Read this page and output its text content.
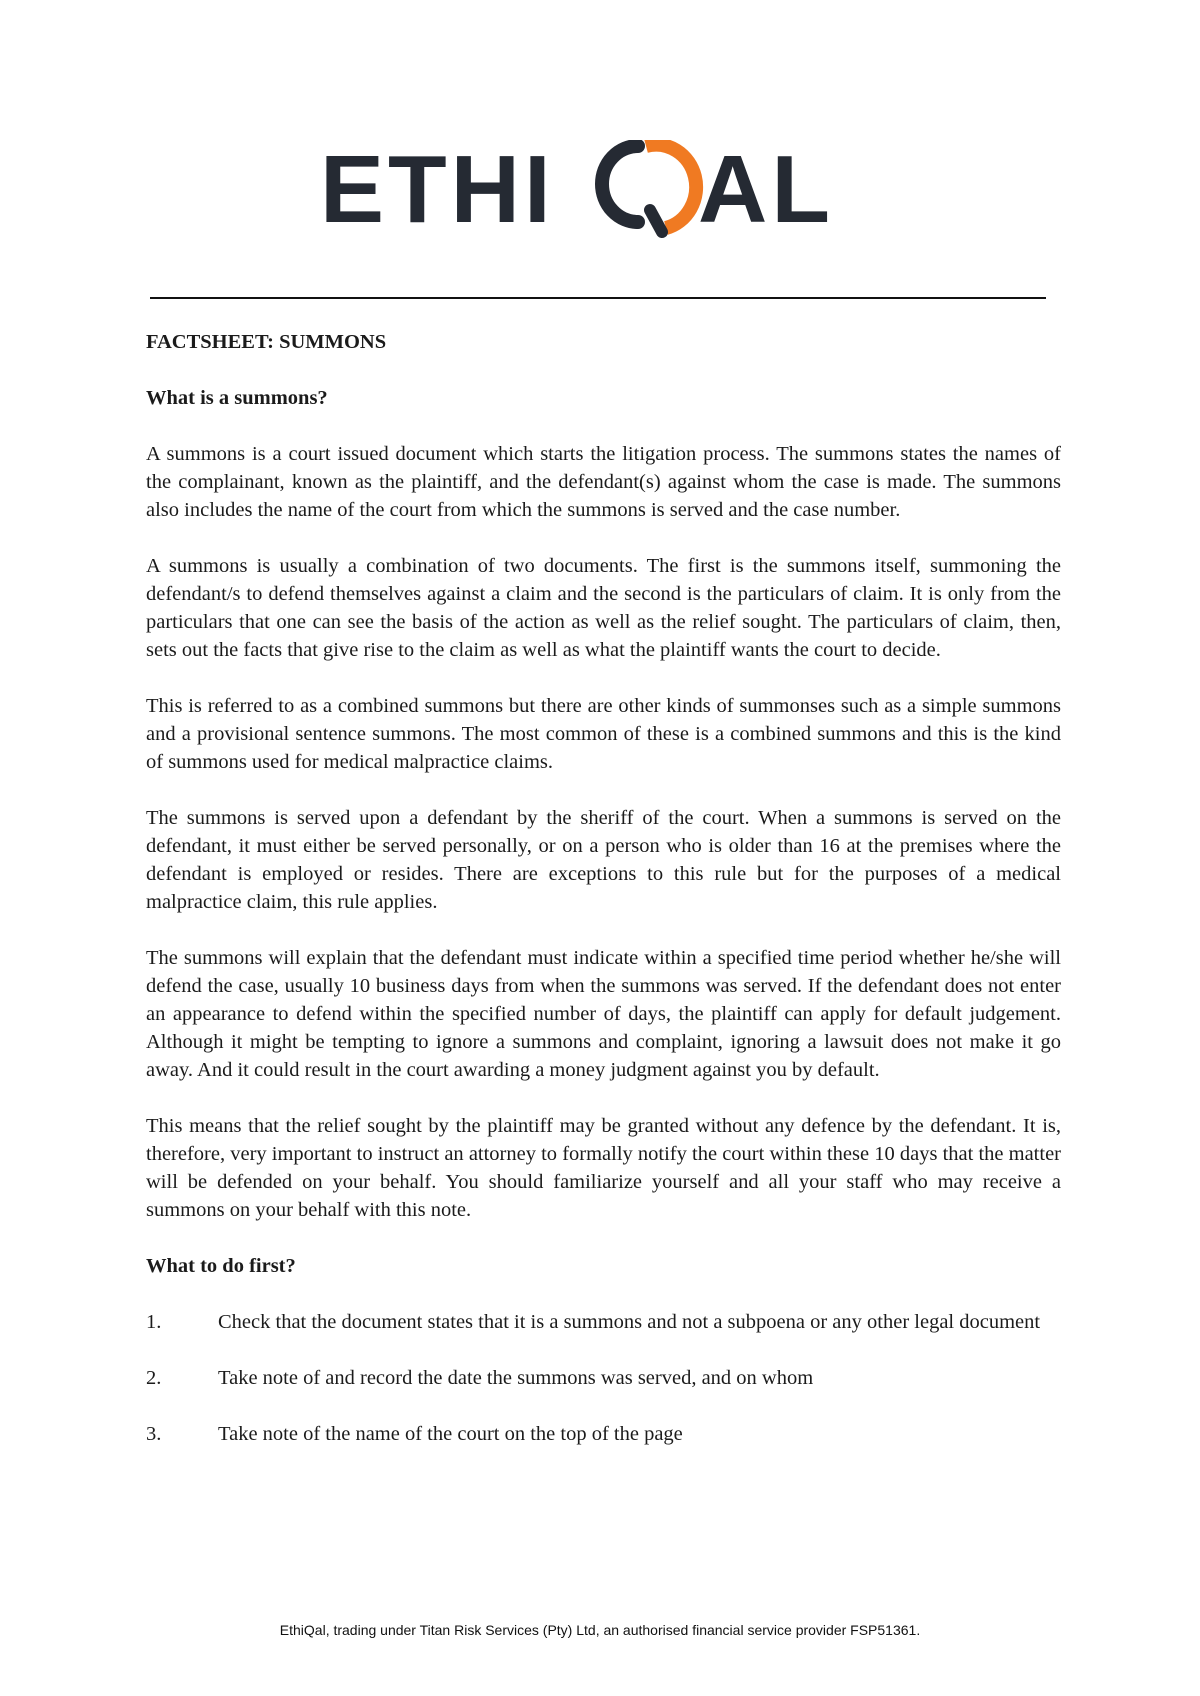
ETHI AL
FACTSHEET: SUMMONS
What is a summons?

A summons is a court issued document which starts the litigation process. The summons states the names of the complainant, known as the plaintiff, and the defendant(s) against whom the case is made. The summons also includes the name of the court from which the summons is served and the case number.

A summons is usually a combination of two documents. The first is the summons itself, summoning the defendant/s to defend themselves against a claim and the second is the particulars of claim. It is only from the particulars that one can see the basis of the action as well as the relief sought. The particulars of claim, then, sets out the facts that give rise to the claim as well as what the plaintiff wants the court to decide.

This is referred to as a combined summons but there are other kinds of summonses such as a simple summons and a provisional sentence summons. The most common of these is a combined summons and this is the kind of summons used for medical malpractice claims.

The summons is served upon a defendant by the sheriff of the court. When a summons is served on the defendant, it must either be served personally, or on a person who is older than 16 at the premises where the defendant is employed or resides. There are exceptions to this rule but for the purposes of a medical malpractice claim, this rule applies.

The summons will explain that the defendant must indicate within a specified time period whether he/she will defend the case, usually 10 business days from when the summons was served. If the defendant does not enter an appearance to defend within the specified number of days, the plaintiff can apply for default judgement. Although it might be tempting to ignore a summons and complaint, ignoring a lawsuit does not make it go away. And it could result in the court awarding a money judgment against you by default.

This means that the relief sought by the plaintiff may be granted without any defence by the defendant. It is, therefore, very important to instruct an attorney to formally notify the court within these 10 days that the matter will be defended on your behalf. You should familiarize yourself and all your staff who may receive a summons on your behalf with this note.

What to do first?
1.	Check that the document states that it is a summons and not a subpoena or any other legal document
2.	Take note of and record the date the summons was served, and on whom
3.	Take note of the name of the court on the top of the page
EthiQal, trading under Titan Risk Services (Pty) Ltd, an authorised financial service provider FSP51361.
